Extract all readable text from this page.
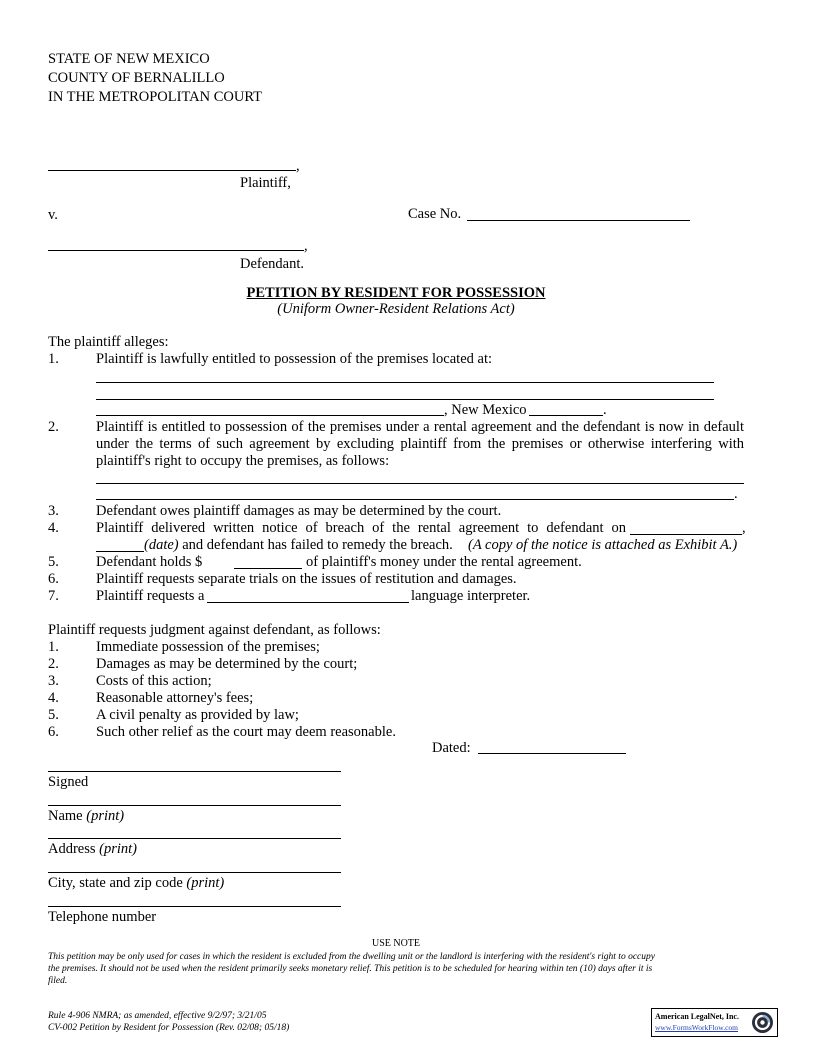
STATE OF NEW MEXICO
COUNTY OF BERNALILLO
IN THE METROPOLITAN COURT
,
Plaintiff,
v.	Case No.
,
Defendant.
PETITION BY RESIDENT FOR POSSESSION
(Uniform Owner-Resident Relations Act)
The plaintiff alleges:
1.	Plaintiff is lawfully entitled to possession of the premises located at:
, New Mexico	.
2.	Plaintiff is entitled to possession of the premises under a rental agreement and the defendant is now in default
under the terms of such agreement by excluding plaintiff from the premises or otherwise interfering with
plaintiff's right to occupy the premises, as follows:
.
3.	Defendant owes plaintiff damages as may be determined by the court.
4.	Plaintiff delivered written notice of breach of the rental agreement to defendant on	,
(date) and defendant has failed to remedy the breach. (A copy of the notice is attached as Exhibit A.)
5.	Defendant holds $	of plaintiff's money under the rental agreement.
6.	Plaintiff requests separate trials on the issues of restitution and damages.
7.	Plaintiff requests a	language interpreter.
Plaintiff requests judgment against defendant, as follows:
1.	Immediate possession of the premises;
2.	Damages as may be determined by the court;
3.	Costs of this action;
4.	Reasonable attorney's fees;
5.	A civil penalty as provided by law;
6.	Such other relief as the court may deem reasonable.
Dated:
Signed
Name (print)
Address (print)
City, state and zip code (print)
Telephone number
USE NOTE
This petition may be only used for cases in which the resident is excluded from the dwelling unit or the landlord is interfering with the resident's right to occupy
the premises. It should not be used when the resident primarily seeks monetary relief. This petition is to be scheduled for hearing within ten (10) days after it is
filed.
Rule 4-906 NMRA; as amended, effective 9/2/97; 3/21/05
CV-002 Petition by Resident for Possession (Rev. 02/08; 05/18)
American LegalNet, Inc.
www.FormsWorkFlow.com
